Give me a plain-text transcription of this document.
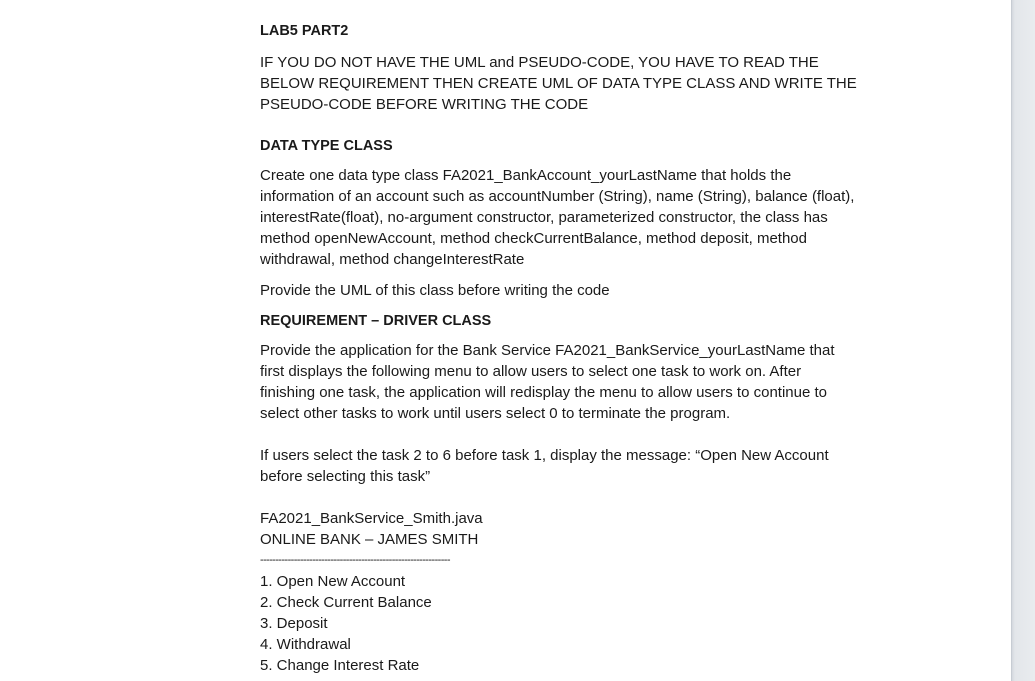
LAB5 PART2

IF YOU DO NOT HAVE THE UML and PSEUDO-CODE, YOU HAVE TO READ THE BELOW REQUIREMENT THEN CREATE UML OF DATA TYPE CLASS AND WRITE THE PSEUDO-CODE BEFORE WRITING THE CODE

DATA TYPE CLASS

Create one data type class FA2021_BankAccount_yourLastName that holds the information of an account such as accountNumber (String), name (String), balance (float), interestRate(float), no-argument constructor, parameterized constructor, the class has method openNewAccount, method checkCurrentBalance, method deposit, method withdrawal, method changeInterestRate

Provide the UML of this class before writing the code

REQUIREMENT – DRIVER CLASS

Provide the application for the Bank Service FA2021_BankService_yourLastName that first displays the following menu to allow users to select one task to work on. After finishing one task, the application will redisplay the menu to allow users to continue to select other tasks to work until users select 0 to terminate the program.

If users select the task 2 to 6 before task 1, display the message: “Open New Account before selecting this task”

FA2021_BankService_Smith.java

ONLINE BANK – JAMES SMITH

--------------------------------------------------------------

1. Open New Account
2. Check Current Balance
3. Deposit
4. Withdrawal
5. Change Interest Rate
